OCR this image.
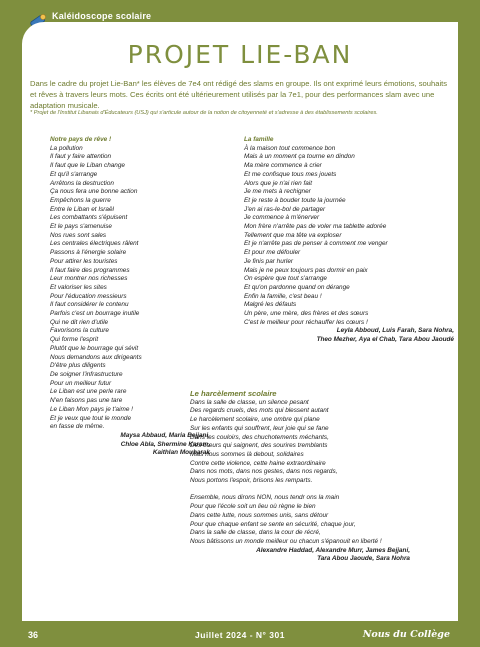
Kaléidoscope scolaire
PROJET LIE-BAN

Dans le cadre du projet Lie-Ban* les élèves de 7e4 ont rédigé des slams en groupe. Ils ont exprimé leurs émotions, souhaits et rêves à travers leurs mots. Ces écrits ont été ultérieurement utilisés par la 7e1, pour des performances slam avec une adaptation musicale.

* Projet de l'Institut Libanais d'Éducateurs (USJ) qui s'articule autour de la notion de citoyenneté et s'adresse à des établissements scolaires.

Notre pays de rêve !
La pollution
Il faut y faire attention
Il faut que le Liban change
Et qu'il s'arrange
Arrêtons la destruction
Ça nous fera une bonne action
Empêchons la guerre
Entre le Liban et Israël
Les combattants s'épuisent
Et le pays s'amenuise
Nos rues sont sales
Les centrales électriques râlent
Passons à l'énergie solaire
Pour attirer les touristes
Il faut faire des programmes
Leur montrer nos richesses
Et valoriser les sites
Pour l'éducation messieurs
Il faut considérer le contenu
Parfois c'est un bourrage inutile
Qui ne dit rien d'utile
Favorisons la culture
Qui forme l'esprit
Plutôt que le bourrage qui sévit
Nous demandons aux dirigeants
D'être plus diligents
De soigner l'infrastructure
Pour un meilleur futur
Le Liban est une perle rare
N'en faisons pas une tare
Le Liban Mon pays je t'aime !
Et je veux que tout le monde
en fasse de même.
Maysa Abbaud, Maria Bejjani,
Chloe Abla, Shermine Karam,
Kaithlan Moubarak
La famille
À la maison tout commence bon
Mais à un moment ça tourne en dindon
Ma mère commence à crier
Et me confisque tous mes jouets
Alors que je n'ai rien fait
Je me mets à rechigner
Et je reste à bouder toute la journée
J'en ai ras-le-bol de partager
Je commence à m'énerver
Mon frère n'arrête pas de voler ma tablette adorée
Tellement que ma tête va exploser
Et je n'arrête pas de penser à comment me venger
Et pour me défouler
Je finis par hurler
Mais je ne peux toujours pas dormir en paix
On espère que tout s'arrange
Et qu'on pardonne quand on dérange
Enfin la famille, c'est beau !
Malgré les défauts
Un père, une mère, des frères et des sœurs
C'est le meilleur pour réchauffer les cœurs !
Leyla Abboud, Luis Farah, Sara Nohra,
Theo Mezher, Aya el Chab, Tara Abou Jaoudé
Le harcèlement scolaire
Dans la salle de classe, un silence pesant
Des regards cruels, des mots qui blessent autant
Le harcèlement scolaire, une ombre qui plane
Sur les enfants qui souffrent, leur joie qui se fane
Dans les couloirs, des chuchotements méchants,
Des cœurs qui saignent, des sourires tremblants
Mais nous sommes là debout, solidaires
Contre cette violence, cette haine extraordinaire
Dans nos mots, dans nos gestes, dans nos regards,
Nous portons l'espoir, brisons les remparts.

Ensemble, nous dirons NON, nous tendr ons la main
Pour que l'école soit un lieu où règne le bien
Dans cette lutte, nous sommes unis, sans détour
Pour que chaque enfant se sente en sécurité, chaque jour,
Dans la salle de classe, dans la cour de récré,
Nous bâtissons un monde meilleur ou chacun s'épanouit en liberté !
Alexandre Haddad, Alexandre Murr, James Bejjani,
Tara Abou Jaoude, Sara Nohra
36	Juillet 2024 - N° 301	Nous du Collège
